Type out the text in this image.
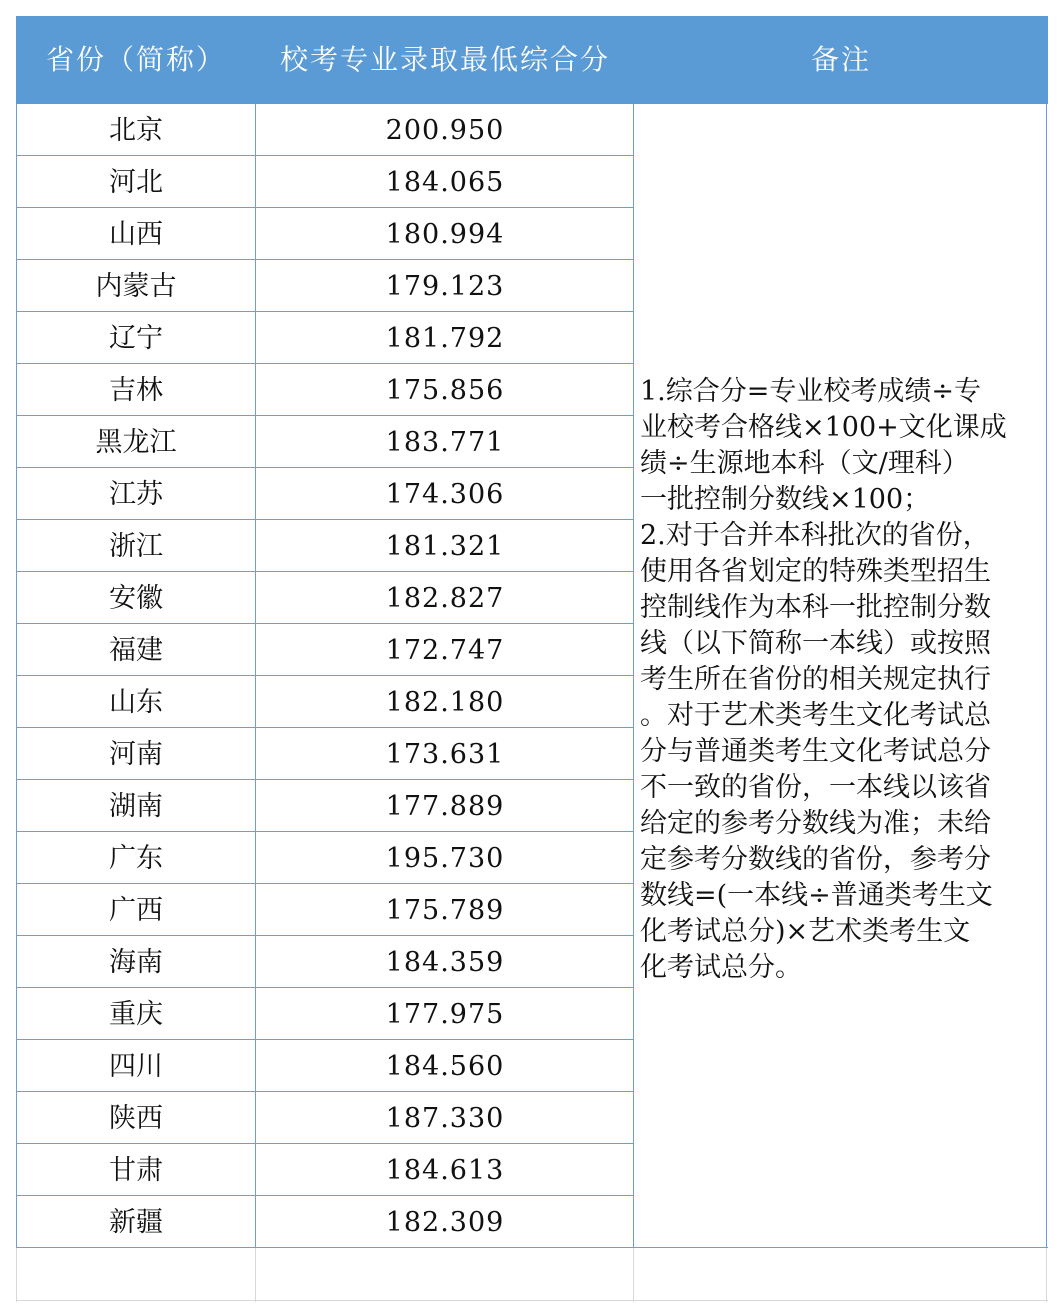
省份（简称）	校考专业录取最低综合分	备注
北京	200.950
河北	184.065
山西	180.994
内蒙古	179.123
辽宁	181.792
吉林	175.856
黑龙江	183.771
江苏	174.306
浙江	181.321
安徽	182.827
福建	172.747
山东	182.180
河南	173.631
湖南	177.889
广东	195.730
广西	175.789
海南	184.359
重庆	177.975
四川	184.560
陕西	187.330
甘肃	184.613
新疆	182.309
1.综合分=专业校考成绩÷专
业校考合格线×100+文化课成
绩÷生源地本科（文/理科）
一批控制分数线×100；
2.对于合并本科批次的省份，
使用各省划定的特殊类型招生
控制线作为本科一批控制分数
线（以下简称一本线）或按照
考生所在省份的相关规定执行
。对于艺术类考生文化考试总
分与普通类考生文化考试总分
不一致的省份，一本线以该省
给定的参考分数线为准；未给
定参考分数线的省份，参考分
数线=(一本线÷普通类考生文
化考试总分)×艺术类考生文
化考试总分。
